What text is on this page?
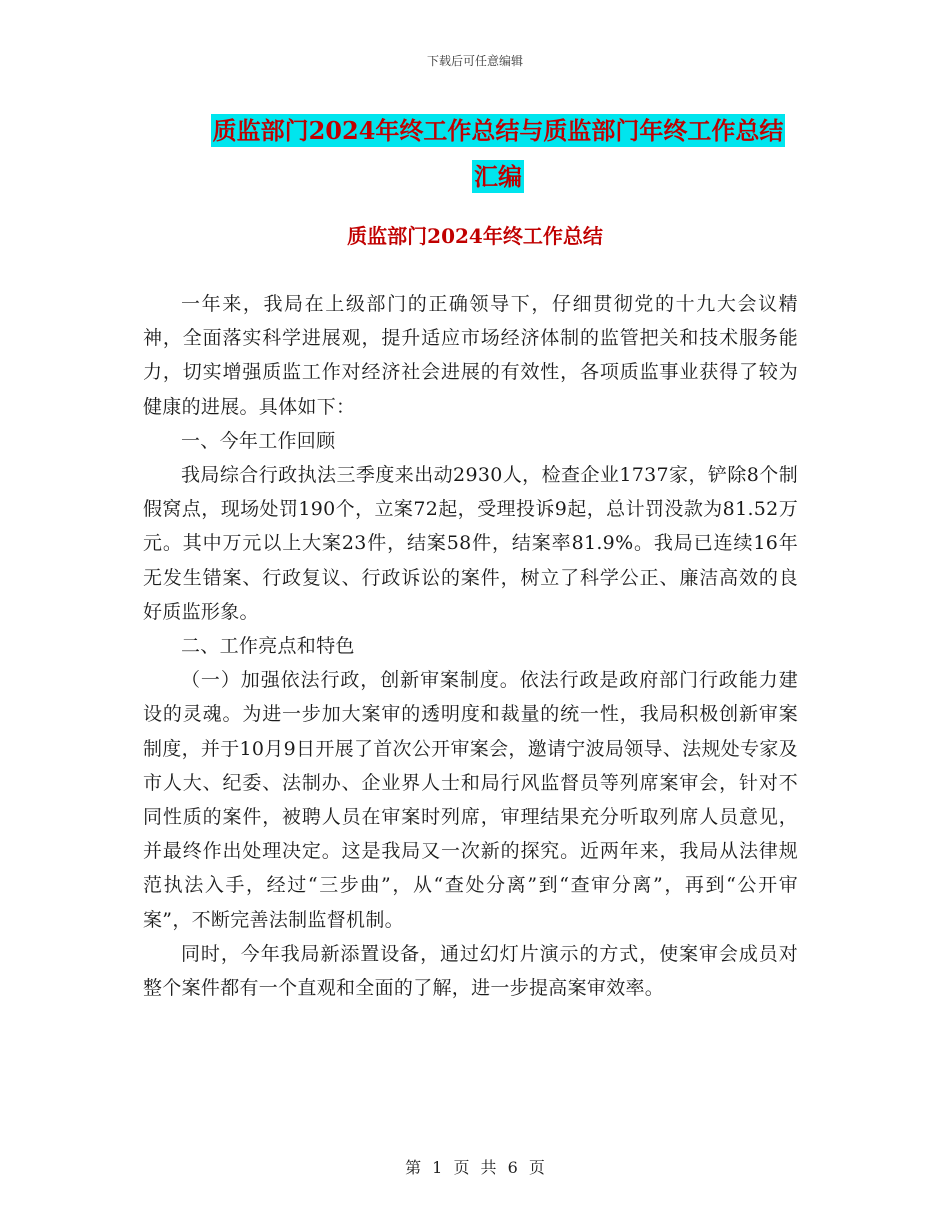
下载后可任意编辑
质监部门2024年终工作总结与质监部门年终工作总结
汇编
质监部门2024年终工作总结

一年来，我局在上级部门的正确领导下，仔细贯彻党的十九大会议精神，全面落实科学进展观，提升适应市场经济体制的监管把关和技术服务能力，切实增强质监工作对经济社会进展的有效性，各项质监事业获得了较为健康的进展。具体如下：

一、今年工作回顾

我局综合行政执法三季度来出动2930人，检查企业1737家，铲除8个制假窝点，现场处罚190个，立案72起，受理投诉9起，总计罚没款为81.52万元。其中万元以上大案23件，结案58件，结案率81.9%。我局已连续16年无发生错案、行政复议、行政诉讼的案件，树立了科学公正、廉洁高效的良好质监形象。

二、工作亮点和特色

（一）加强依法行政，创新审案制度。依法行政是政府部门行政能力建设的灵魂。为进一步加大案审的透明度和裁量的统一性，我局积极创新审案制度，并于10月9日开展了首次公开审案会，邀请宁波局领导、法规处专家及市人大、纪委、法制办、企业界人士和局行风监督员等列席案审会，针对不同性质的案件，被聘人员在审案时列席，审理结果充分听取列席人员意见，并最终作出处理决定。这是我局又一次新的探究。近两年来，我局从法律规范执法入手，经过“三步曲”，从“查处分离”到“查审分离”，再到“公开审案”，不断完善法制监督机制。

同时，今年我局新添置设备，通过幻灯片演示的方式，使案审会成员对整个案件都有一个直观和全面的了解，进一步提高案审效率。

第 1 页 共 6 页
